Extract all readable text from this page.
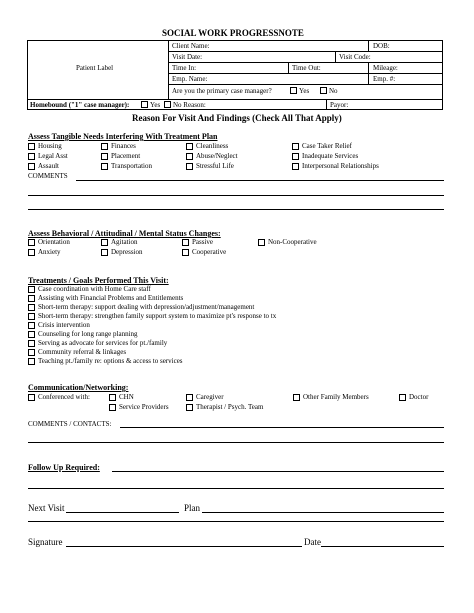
SOCIAL WORK PROGRESSNOTE
Patient Label
Client Name:	DOB:
Visit Date:	Visit Code:
Time In:	Time Out:	Mileage:
Emp. Name:	Emp. #:
Are you the primary case manager?	Yes	No
Homebound ("1" case manager):	Yes No Reason:	Payor:
Reason For Visit And Findings (Check All That Apply)
Assess Tangible Needs Interfering With Treatment Plan
Housing	Finances	Cleanliness	Case Taker Relief
Legal Asst	Placement	Abuse/Neglect	Inadequate Services
Assault	Transportation	Stressful Life	Interpersonal Relationships
COMMENTS
Assess Behavioral / Attitudinal / Mental Status Changes:
Orientation	Agitation	Passive	Non-Cooperative
Anxiety	Depression	Cooperative
Treatments / Goals Performed This Visit:
Case coordination with Home Care staff
Assisting with Financial Problems and Entitlements
Short-term therapy: support dealing with depression/adjustment/management
Short-term therapy: strengthen family support system to maximize pt's response to tx
Crisis intervention
Counseling for long range planning
Serving as advocate for services for pt./family
Community referral & linkages
Teaching pt./family re: options & access to services
Communication/Networking:
Conferenced with:	CHN	Caregiver	Other Family Members	Doctor
Service Providers	Therapist / Psych. Team
COMMENTS / CONTACTS:
Follow Up Required:
Next Visit	Plan
Signature	Date
